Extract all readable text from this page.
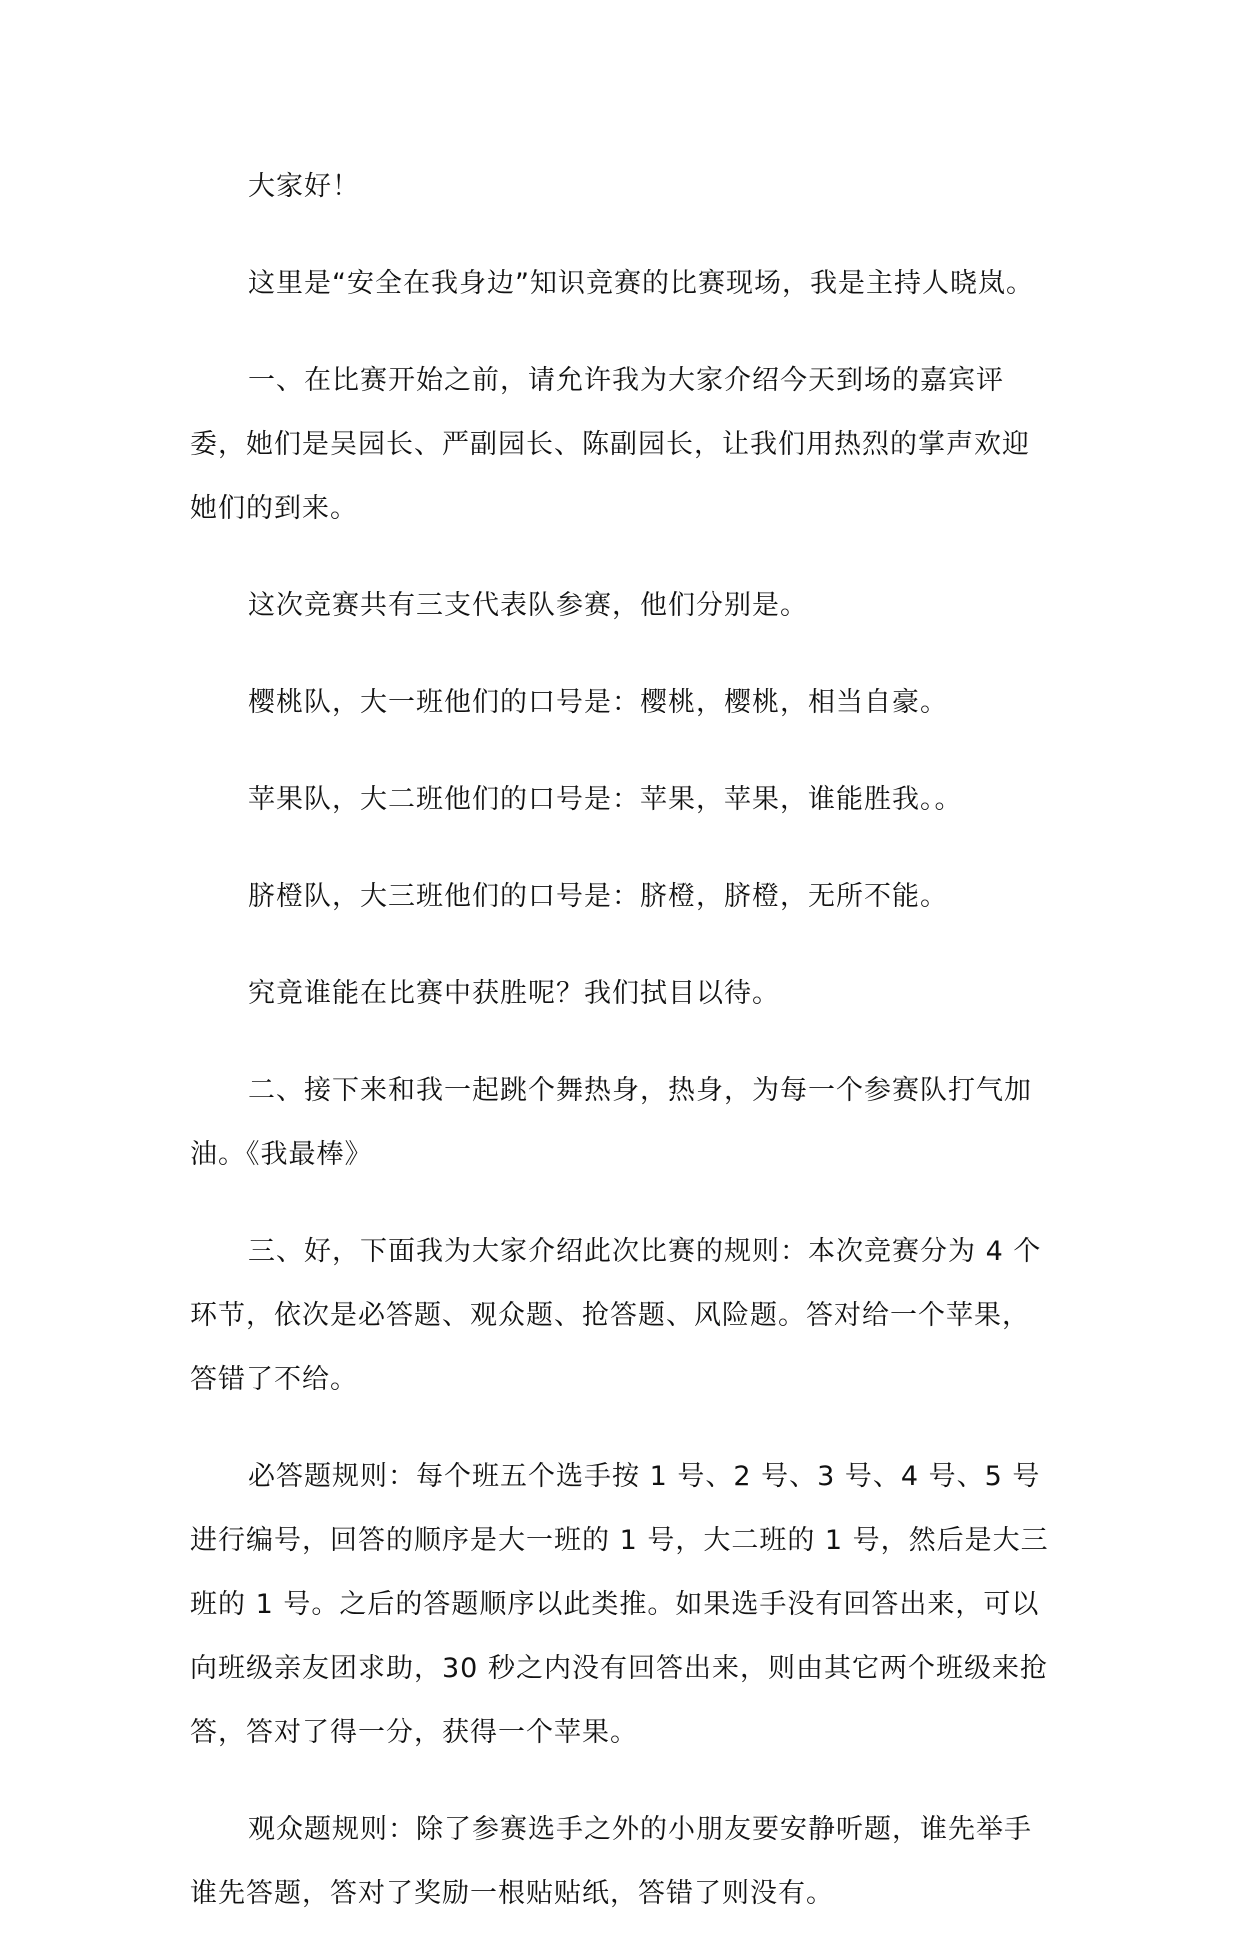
大家好！

这里是“安全在我身边”知识竞赛的比赛现场，我是主持人晓岚。

一、在比赛开始之前，请允许我为大家介绍今天到场的嘉宾评委，她们是吴园长、严副园长、陈副园长，让我们用热烈的掌声欢迎她们的到来。

这次竞赛共有三支代表队参赛，他们分别是。

樱桃队，大一班他们的口号是：樱桃，樱桃，相当自豪。

苹果队，大二班他们的口号是：苹果，苹果，谁能胜我。。

脐橙队，大三班他们的口号是：脐橙，脐橙，无所不能。

究竟谁能在比赛中获胜呢？我们拭目以待。

二、接下来和我一起跳个舞热身，热身，为每一个参赛队打气加油。《我最棒》

三、好，下面我为大家介绍此次比赛的规则：本次竞赛分为 4 个环节，依次是必答题、观众题、抢答题、风险题。答对给一个苹果，答错了不给。

必答题规则：每个班五个选手按 1 号、2 号、3 号、4 号、5 号进行编号，回答的顺序是大一班的 1 号，大二班的 1 号，然后是大三班的 1 号。之后的答题顺序以此类推。如果选手没有回答出来，可以向班级亲友团求助，30 秒之内没有回答出来，则由其它两个班级来抢答，答对了得一分，获得一个苹果。

观众题规则：除了参赛选手之外的小朋友要安静听题，谁先举手谁先答题，答对了奖励一根贴贴纸，答错了则没有。
